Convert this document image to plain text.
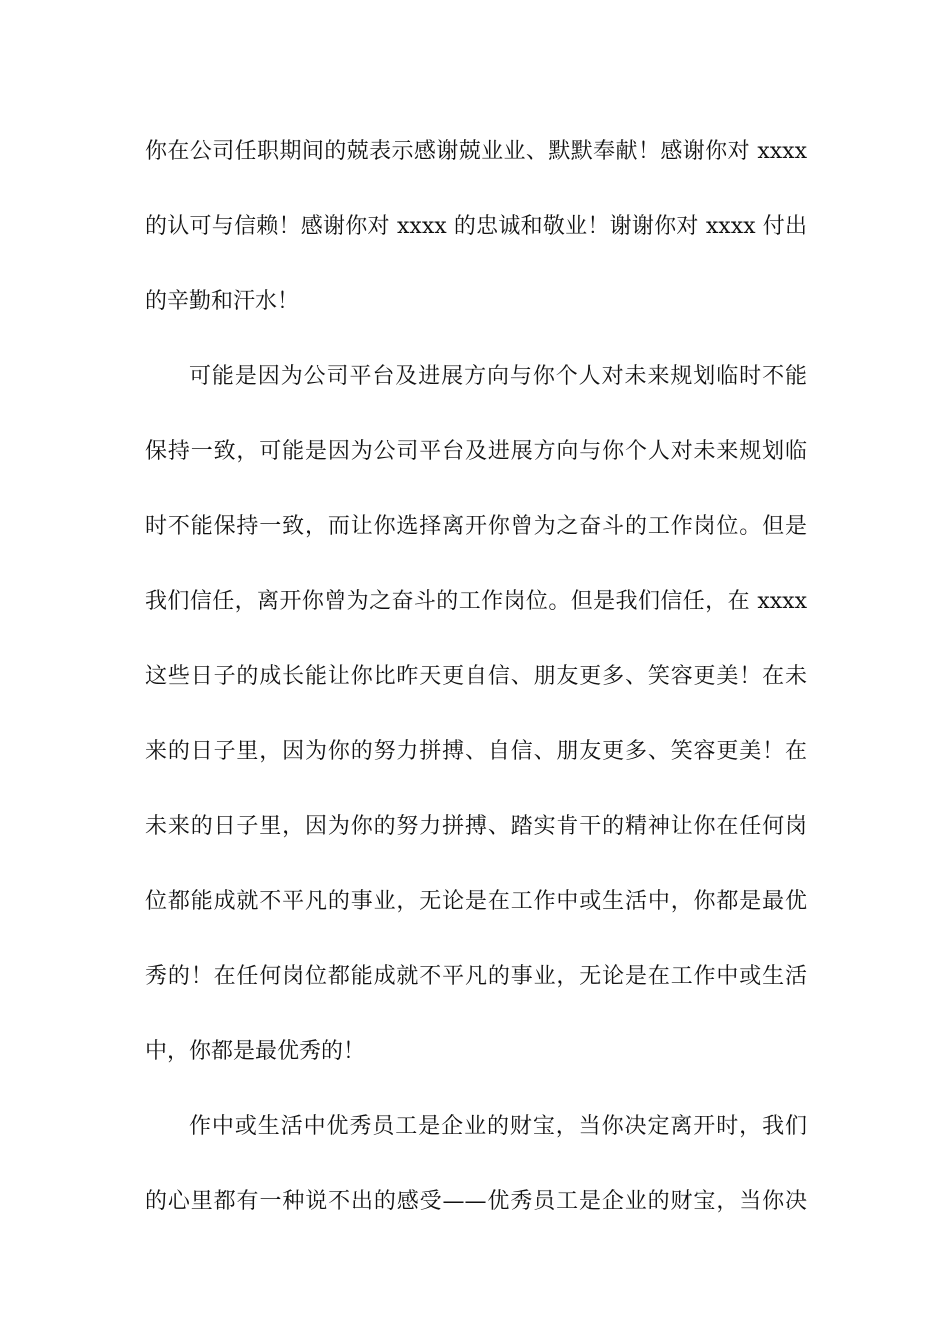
你在公司任职期间的兢表示感谢兢业业、默默奉献！感谢你对 xxxx
的认可与信赖！感谢你对 xxxx 的忠诚和敬业！谢谢你对 xxxx 付出
的辛勤和汗水！
可能是因为公司平台及进展方向与你个人对未来规划临时不能
保持一致，可能是因为公司平台及进展方向与你个人对未来规划临
时不能保持一致，而让你选择离开你曾为之奋斗的工作岗位。但是
我们信任，离开你曾为之奋斗的工作岗位。但是我们信任，在 xxxx
这些日子的成长能让你比昨天更自信、朋友更多、笑容更美！在未
来的日子里，因为你的努力拼搏、自信、朋友更多、笑容更美！在
未来的日子里，因为你的努力拼搏、踏实肯干的精神让你在任何岗
位都能成就不平凡的事业，无论是在工作中或生活中，你都是最优
秀的！在任何岗位都能成就不平凡的事业，无论是在工作中或生活
中，你都是最优秀的！
作中或生活中优秀员工是企业的财宝，当你决定离开时，我们
的心里都有一种说不出的感受——优秀员工是企业的财宝，当你决
